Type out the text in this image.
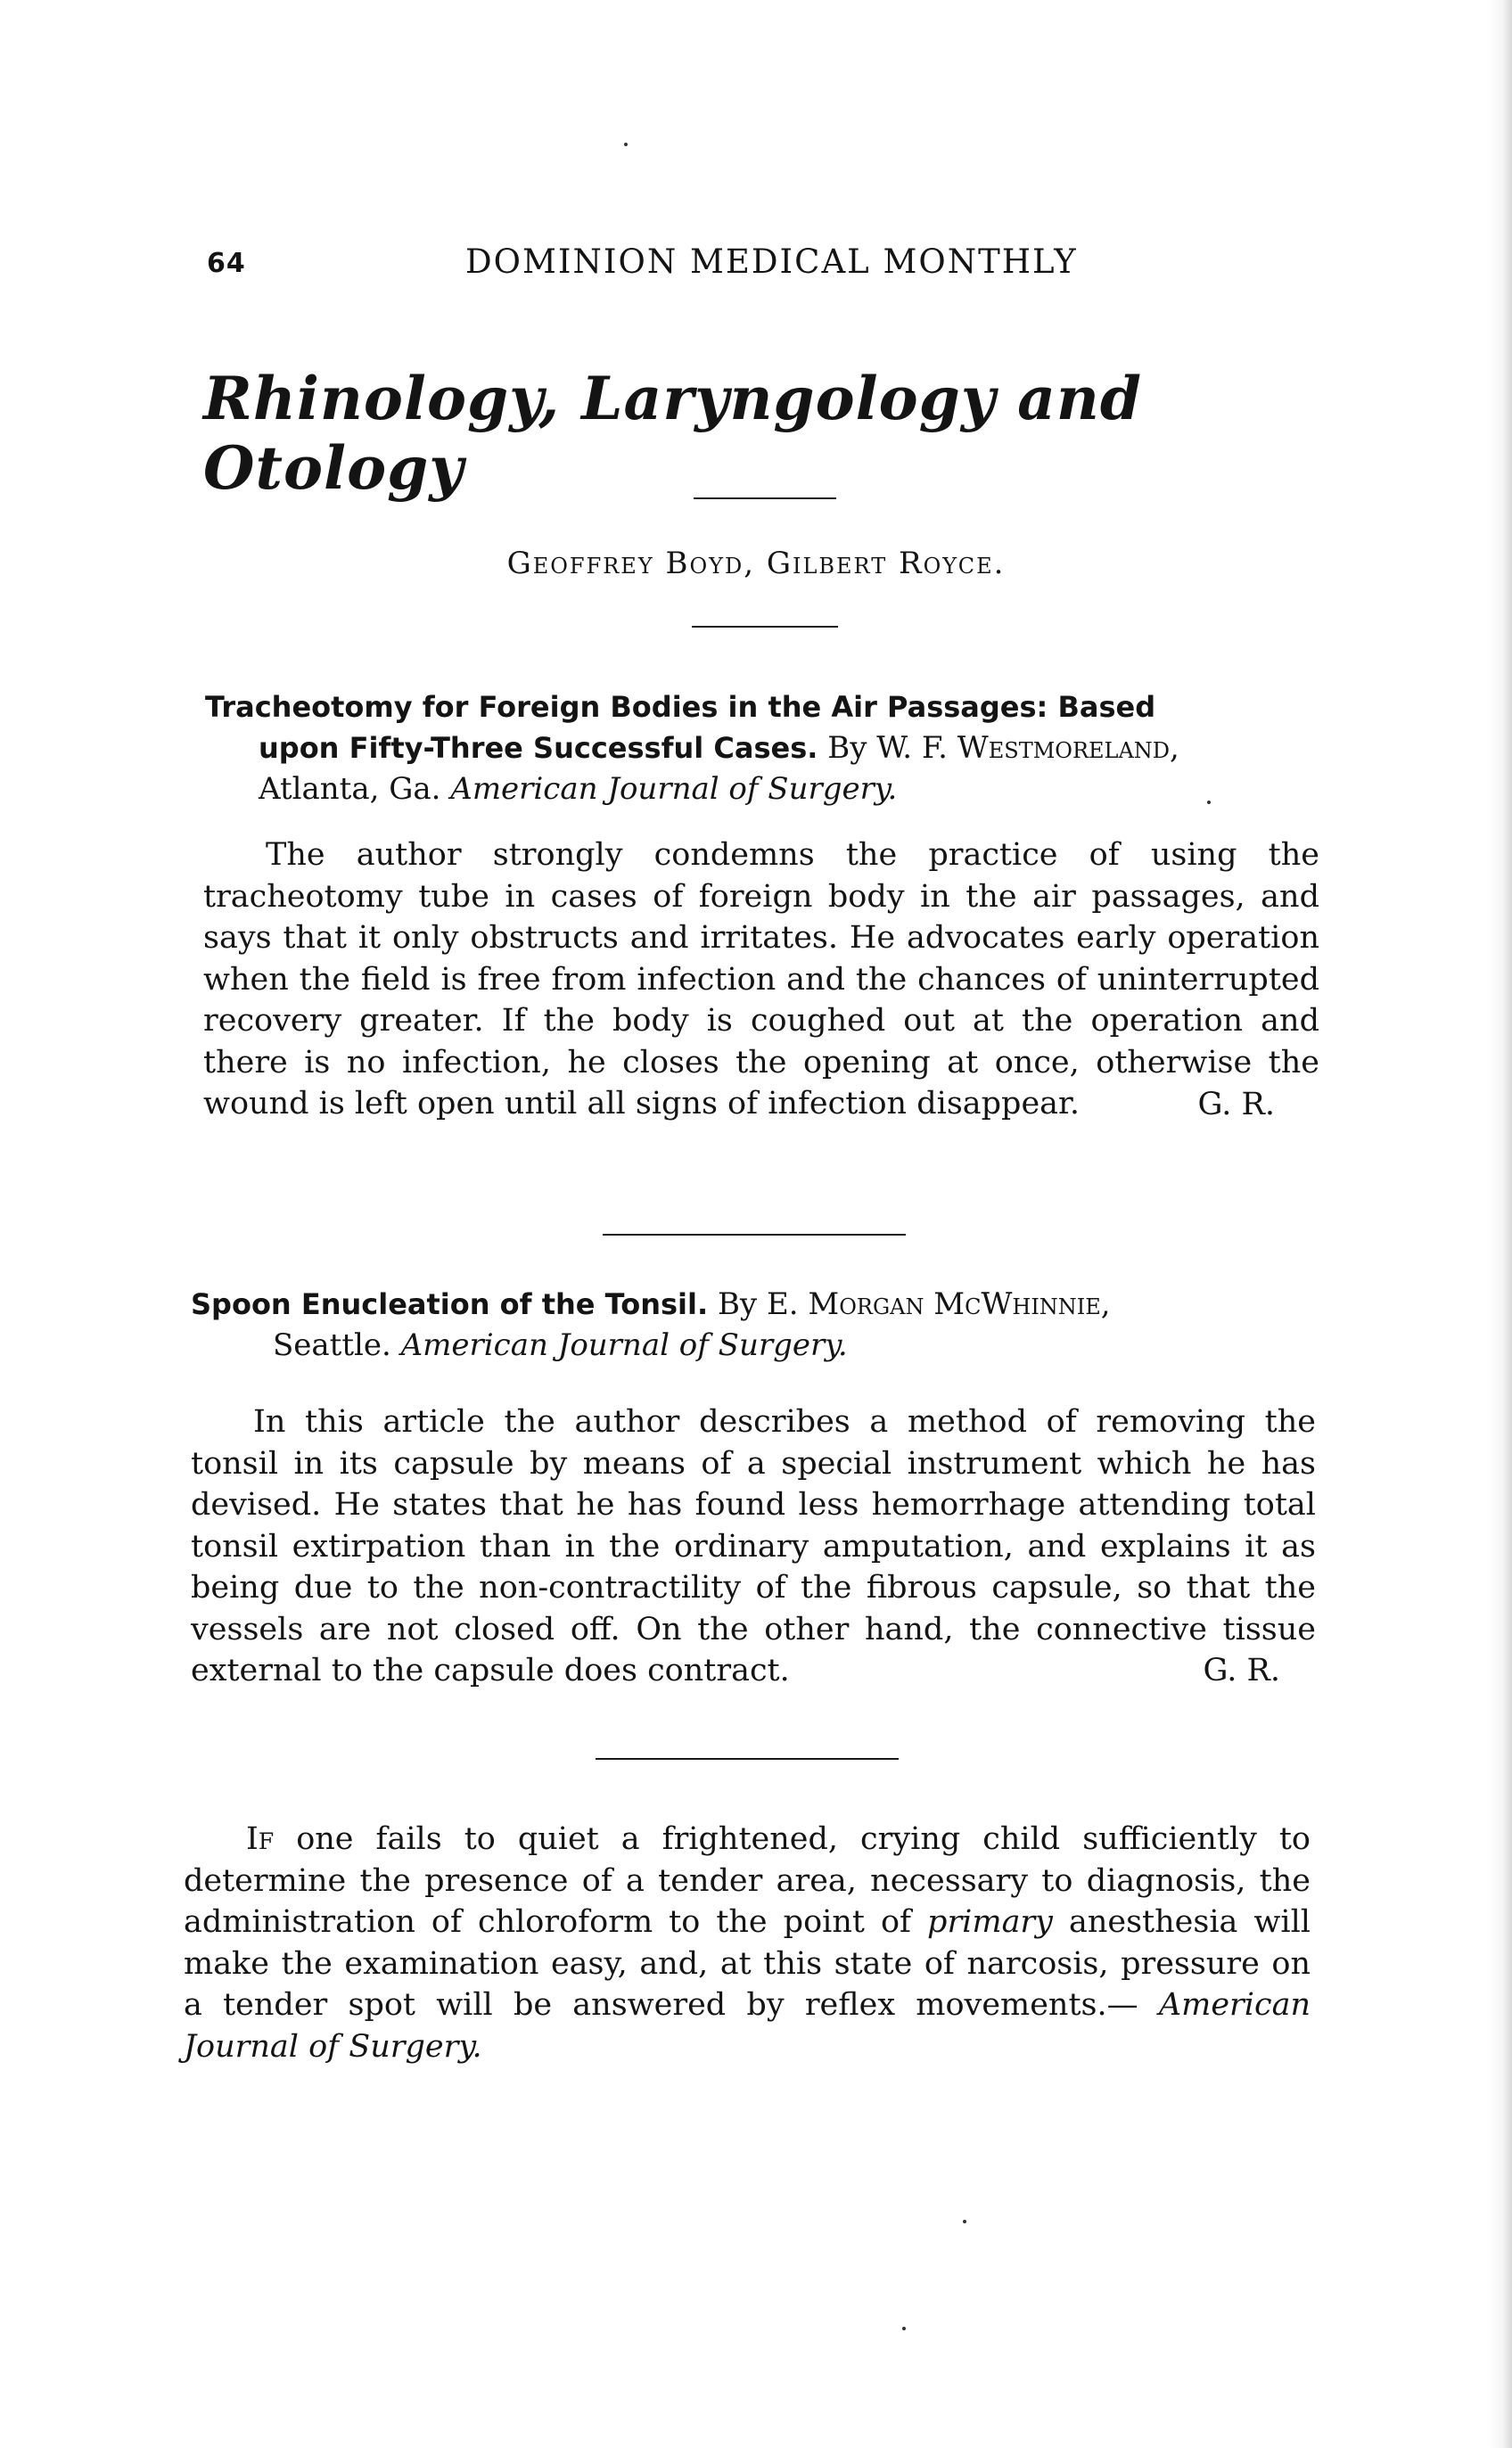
64	DOMINION MEDICAL MONTHLY
Rhinology, Laryngology and Otology
Geoffrey Boyd, Gilbert Royce.
Tracheotomy for Foreign Bodies in the Air Passages: Based
upon Fifty-Three Successful Cases. By W. F. Westmoreland,
Atlanta, Ga. American Journal of Surgery.
The author strongly condemns the practice of using the tracheotomy tube in cases of foreign body in the air passages, and says that it only obstructs and irritates. He advocates early operation when the field is free from infection and the chances of uninterrupted recovery greater. If the body is coughed out at the operation and there is no infection, he closes the opening at once, otherwise the wound is left open until all signs of infection disappear.	G. R.
Spoon Enucleation of the Tonsil. By E. Morgan McWhinnie,
Seattle. American Journal of Surgery.
In this article the author describes a method of removing the tonsil in its capsule by means of a special instrument which he has devised. He states that he has found less hemorrhage attending total tonsil extirpation than in the ordinary amputation, and explains it as being due to the non-contractility of the fibrous capsule, so that the vessels are not closed off. On the other hand, the connective tissue external to the capsule does contract.	G. R.
If one fails to quiet a frightened, crying child sufficiently to determine the presence of a tender area, necessary to diagnosis, the administration of chloroform to the point of primary anesthesia will make the examination easy, and, at this state of narcosis, pressure on a tender spot will be answered by reflex movements.— American Journal of Surgery.
